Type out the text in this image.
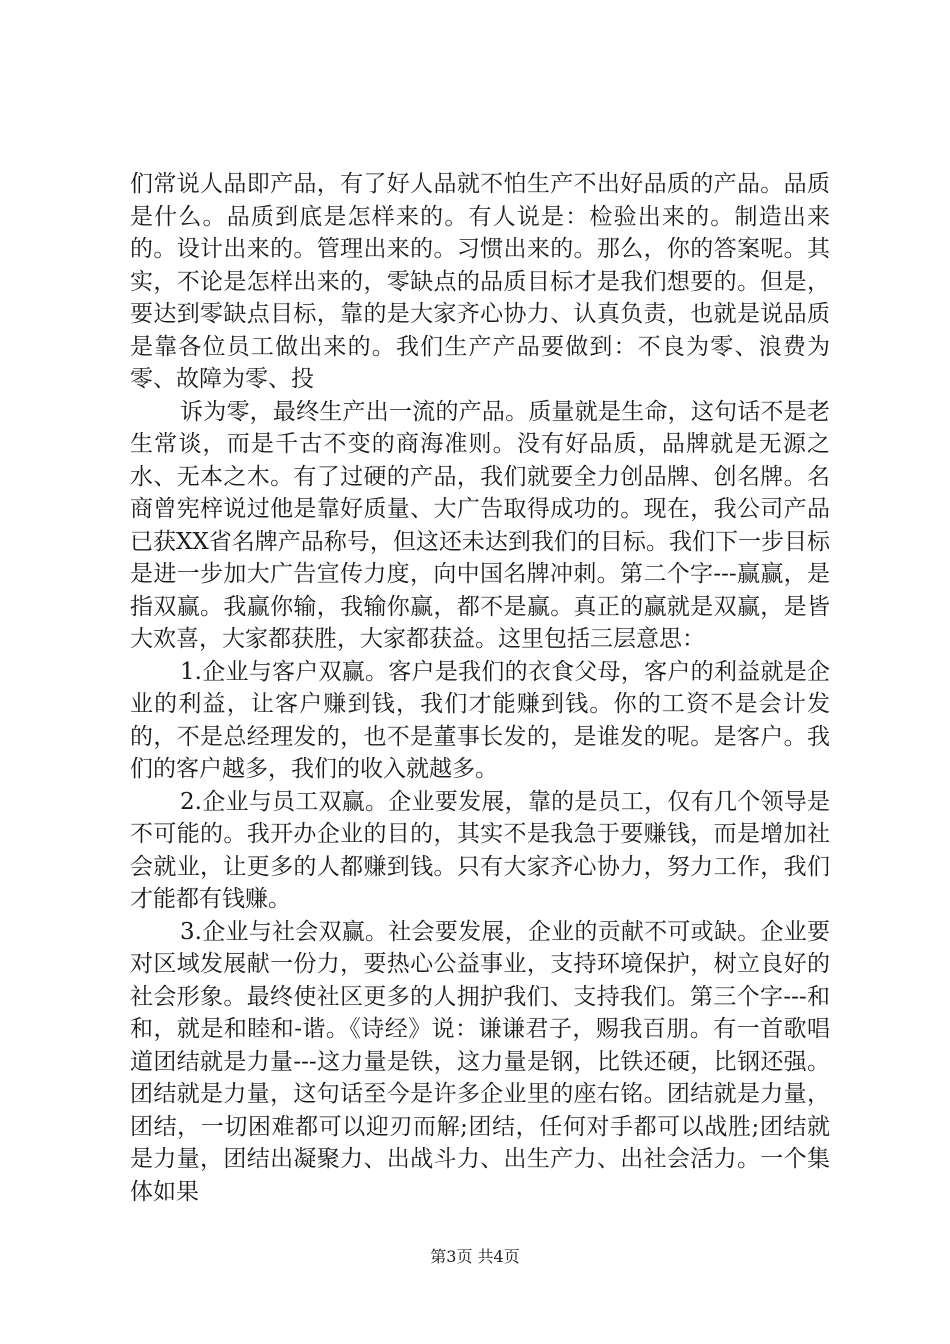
们常说人品即产品，有了好人品就不怕生产不出好品质的产品。品质是什么。品质到底是怎样来的。有人说是：检验出来的。制造出来的。设计出来的。管理出来的。习惯出来的。那么，你的答案呢。其实，不论是怎样出来的，零缺点的品质目标才是我们想要的。但是，要达到零缺点目标，靠的是大家齐心协力、认真负责，也就是说品质是靠各位员工做出来的。我们生产产品要做到：不良为零、浪费为零、故障为零、投

诉为零，最终生产出一流的产品。质量就是生命，这句话不是老生常谈，而是千古不变的商海准则。没有好品质，品牌就是无源之水、无本之木。有了过硬的产品，我们就要全力创品牌、创名牌。名商曾宪梓说过他是靠好质量、大广告取得成功的。现在，我公司产品已获XX省名牌产品称号，但这还未达到我们的目标。我们下一步目标是进一步加大广告宣传力度，向中国名牌冲刺。第二个字---赢赢，是指双赢。我赢你输，我输你赢，都不是赢。真正的赢就是双赢，是皆大欢喜，大家都获胜，大家都获益。这里包括三层意思：

1.企业与客户双赢。客户是我们的衣食父母，客户的利益就是企业的利益，让客户赚到钱，我们才能赚到钱。你的工资不是会计发的，不是总经理发的，也不是董事长发的，是谁发的呢。是客户。我们的客户越多，我们的收入就越多。

2.企业与员工双赢。企业要发展，靠的是员工，仅有几个领导是不可能的。我开办企业的目的，其实不是我急于要赚钱，而是增加社会就业，让更多的人都赚到钱。只有大家齐心协力，努力工作，我们才能都有钱赚。

3.企业与社会双赢。社会要发展，企业的贡献不可或缺。企业要对区域发展献一份力，要热心公益事业，支持环境保护，树立良好的社会形象。最终使社区更多的人拥护我们、支持我们。第三个字---和和，就是和睦和-谐。《诗经》说：谦谦君子，赐我百朋。有一首歌唱道团结就是力量---这力量是铁，这力量是钢，比铁还硬，比钢还强。团结就是力量，这句话至今是许多企业里的座右铭。团结就是力量，团结，一切困难都可以迎刃而解;团结，任何对手都可以战胜;团结就是力量，团结出凝聚力、出战斗力、出生产力、出社会活力。一个集体如果

第3页 共4页
